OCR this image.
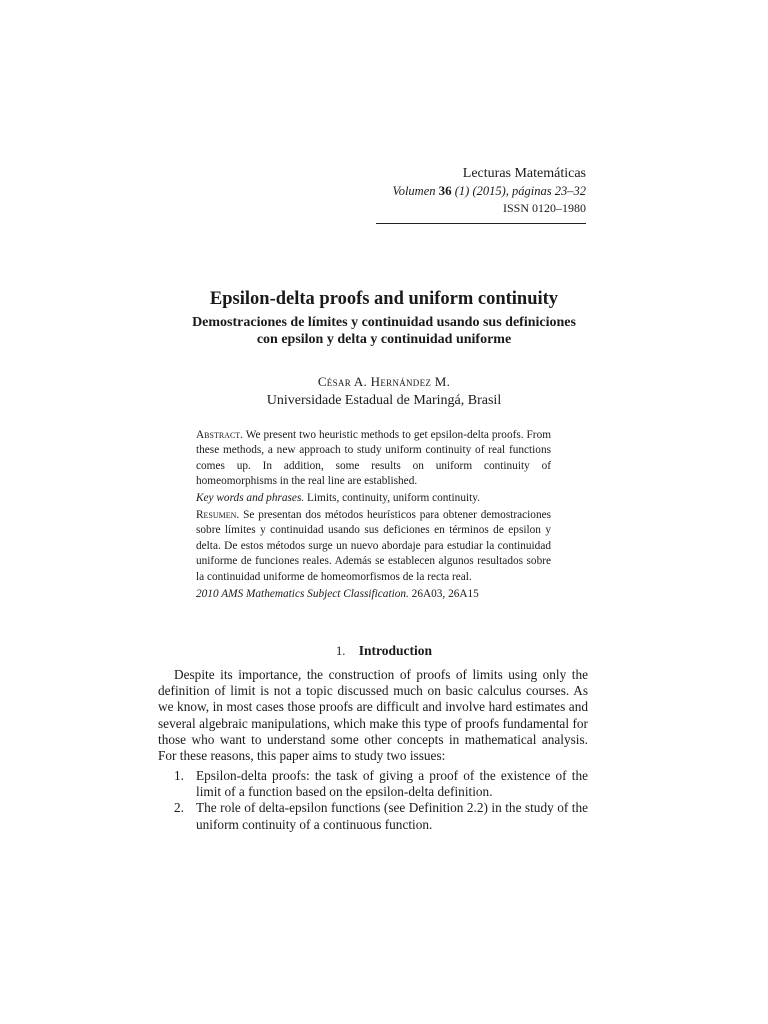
Lecturas Matemáticas
Volumen 36 (1) (2015), páginas 23–32
ISSN 0120–1980
Epsilon-delta proofs and uniform continuity
Demostraciones de límites y continuidad usando sus definiciones
con epsilon y delta y continuidad uniforme
César A. Hernández M.
Universidade Estadual de Maringá, Brasil

Abstract. We present two heuristic methods to get epsilon-delta proofs. From these methods, a new approach to study uniform continuity of real functions comes up. In addition, some results on uniform continuity of homeomorphisms in the real line are established.

Key words and phrases. Limits, continuity, uniform continuity.

Resumen. Se presentan dos métodos heurísticos para obtener demostraciones sobre límites y continuidad usando sus deficiones en términos de epsilon y delta. De estos métodos surge un nuevo abordaje para estudiar la continuidad uniforme de funciones reales. Además se establecen algunos resultados sobre la continuidad uniforme de homeomorfismos de la recta real.

2010 AMS Mathematics Subject Classification. 26A03, 26A15

1. Introduction

Despite its importance, the construction of proofs of limits using only the definition of limit is not a topic discussed much on basic calculus courses. As we know, in most cases those proofs are difficult and involve hard estimates and several algebraic manipulations, which make this type of proofs fundamental for those who want to understand some other concepts in mathematical analysis. For these reasons, this paper aims to study two issues:

1. Epsilon-delta proofs: the task of giving a proof of the existence of the limit of a function based on the epsilon-delta definition.
2. The role of delta-epsilon functions (see Definition 2.2) in the study of the uniform continuity of a continuous function.
